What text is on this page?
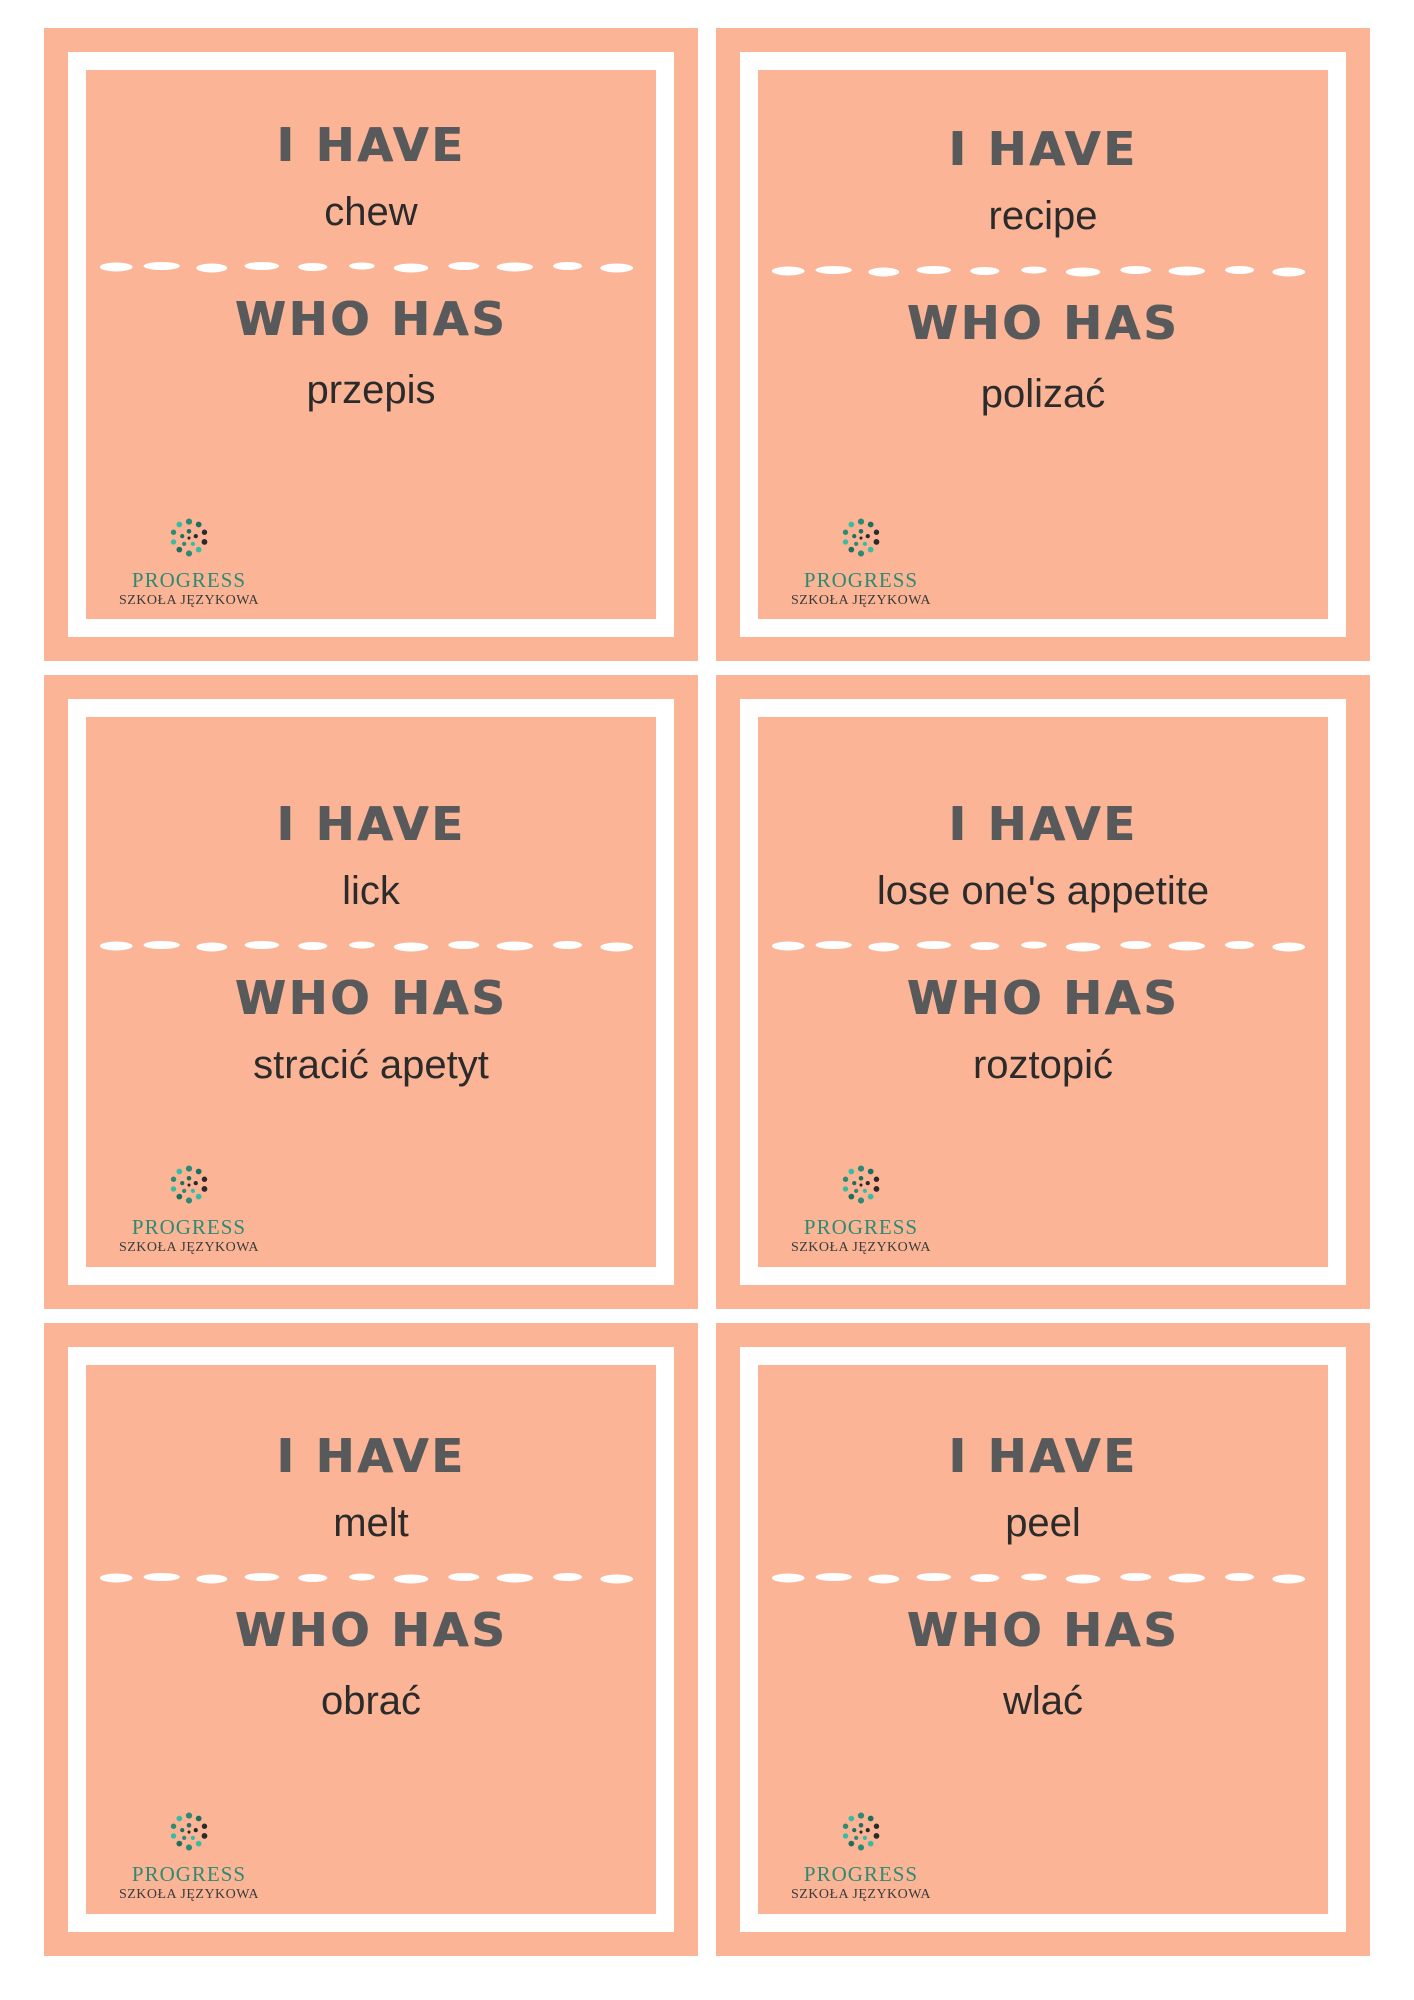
I HAVE
chew
WHO HAS
przepis
PROGRESS
SZKOŁA JĘZYKOWA
I HAVE
recipe
WHO HAS
polizać
PROGRESS
SZKOŁA JĘZYKOWA
I HAVE
lick
WHO HAS
stracić apetyt
PROGRESS
SZKOŁA JĘZYKOWA
I HAVE
lose one's appetite
WHO HAS
roztopić
PROGRESS
SZKOŁA JĘZYKOWA
I HAVE
melt
WHO HAS
obrać
PROGRESS
SZKOŁA JĘZYKOWA
I HAVE
peel
WHO HAS
wlać
PROGRESS
SZKOŁA JĘZYKOWA
